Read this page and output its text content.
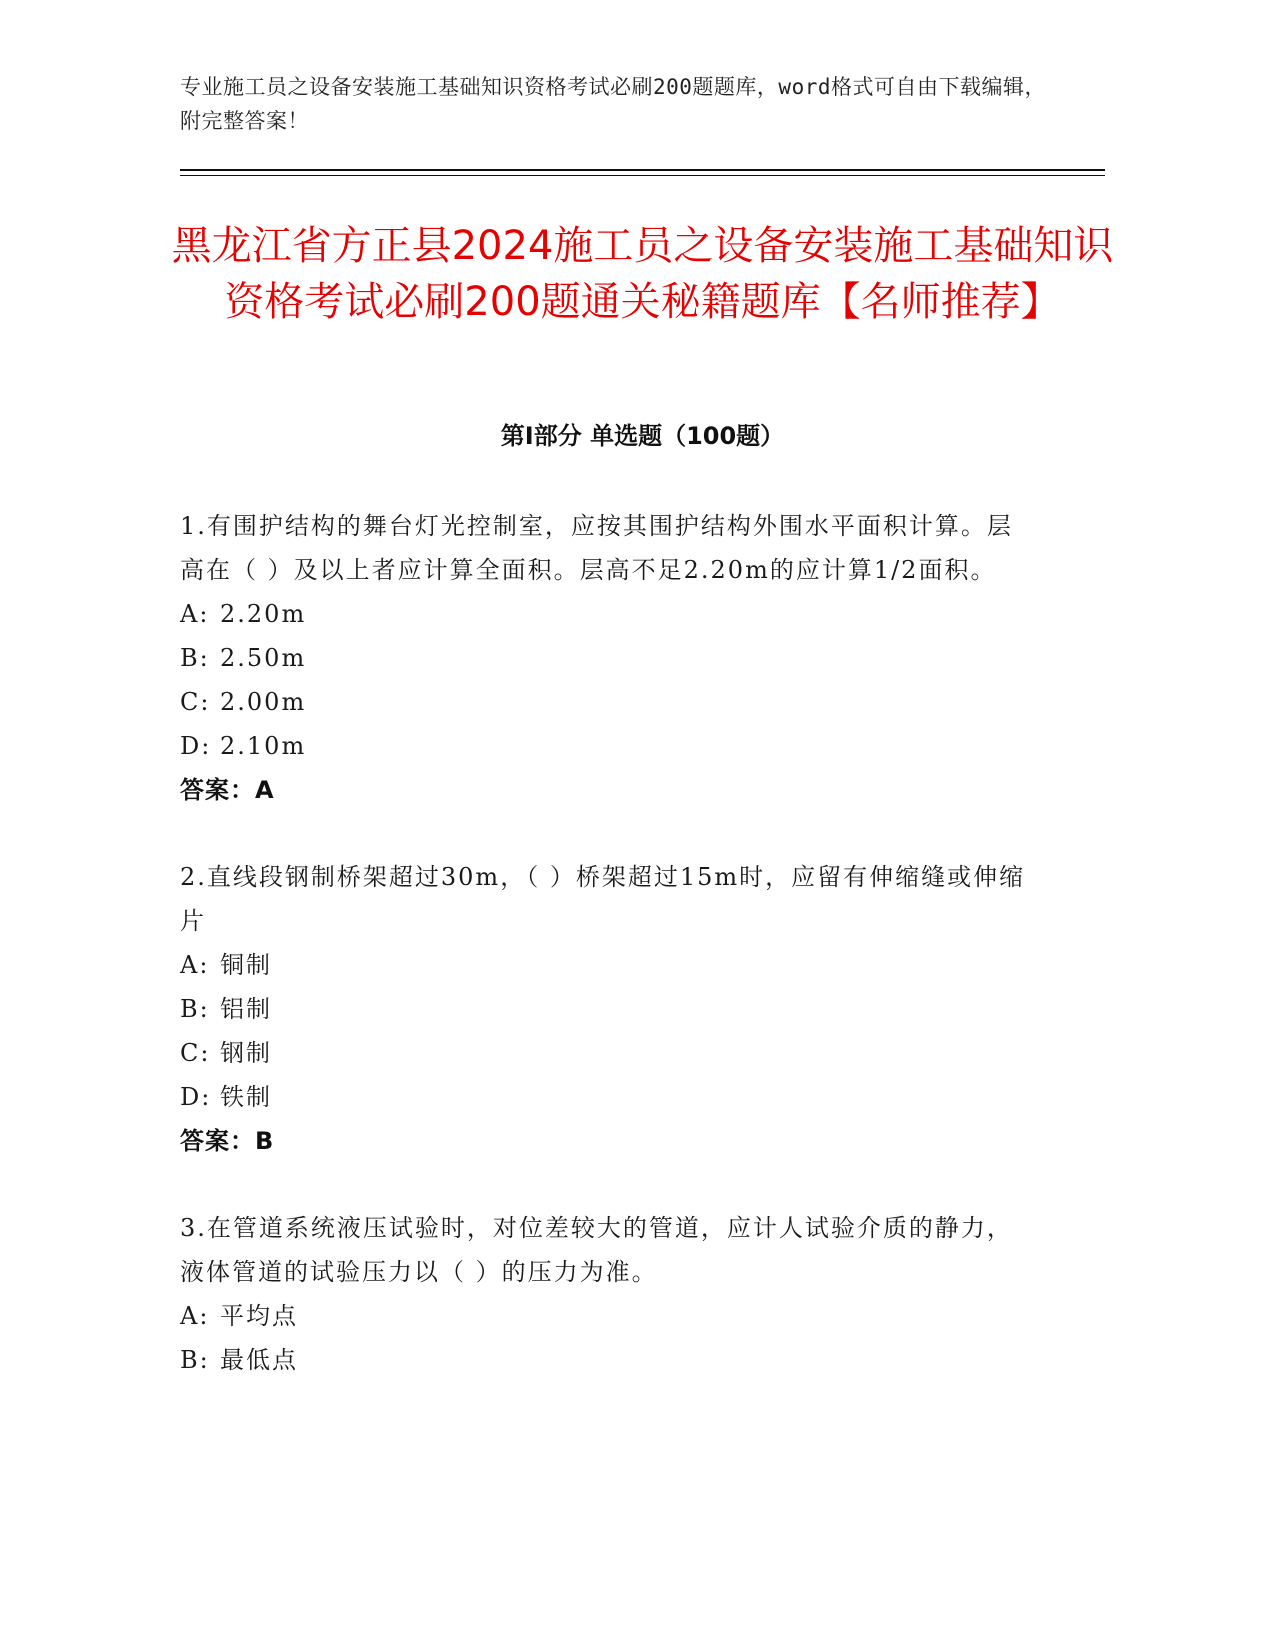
专业施工员之设备安装施工基础知识资格考试必刷200题题库，word格式可自由下载编辑，附完整答案！
黑龙江省方正县2024施工员之设备安装施工基础知识资格考试必刷200题通关秘籍题库【名师推荐】
第Ⅰ部分 单选题（100题）

1.有围护结构的舞台灯光控制室，应按其围护结构外围水平面积计算。层高在（ ）及以上者应计算全面积。层高不足2.20m的应计算1/2面积。

A: 2.20m
B: 2.50m
C: 2.00m
D: 2.10m
答案：A

2.直线段钢制桥架超过30m，（ ）桥架超过15m时，应留有伸缩缝或伸缩片

A: 铜制
B: 铝制
C: 钢制
D: 铁制
答案：B

3.在管道系统液压试验时，对位差较大的管道，应计人试验介质的静力，液体管道的试验压力以（ ）的压力为准。

A: 平均点
B: 最低点
